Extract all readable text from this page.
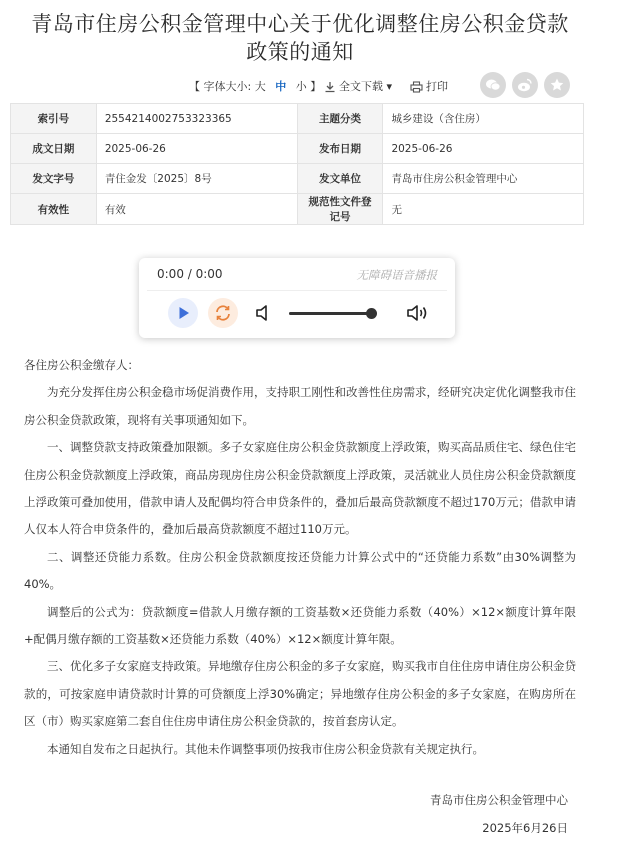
青岛市住房公积金管理中心关于优化调整住房公积金贷款
政策的通知
【 字体大小: 大 中 小 】	全文下载 ▾	打印
索引号	2554214002753323365	主题分类	城乡建设（含住房）
成文日期	2025-06-26	发布日期	2025-06-26
发文字号	青住金发〔2025〕8号	发文单位	青岛市住房公积金管理中心
有效性	有效	规范性文件登记号	无
0:00 / 0:00	无障碍语音播报

各住房公积金缴存人：

为充分发挥住房公积金稳市场促消费作用，支持职工刚性和改善性住房需求，经研究决定优化调整我市住房公积金贷款政策，现将有关事项通知如下。

一、调整贷款支持政策叠加限额。多子女家庭住房公积金贷款额度上浮政策，购买高品质住宅、绿色住宅住房公积金贷款额度上浮政策，商品房现房住房公积金贷款额度上浮政策，灵活就业人员住房公积金贷款额度上浮政策可叠加使用，借款申请人及配偶均符合申贷条件的，叠加后最高贷款额度不超过170万元；借款申请人仅本人符合申贷条件的，叠加后最高贷款额度不超过110万元。

二、调整还贷能力系数。住房公积金贷款额度按还贷能力计算公式中的“还贷能力系数”由30%调整为40%。

调整后的公式为：贷款额度=借款人月缴存额的工资基数×还贷能力系数（40%）×12×额度计算年限+配偶月缴存额的工资基数×还贷能力系数（40%）×12×额度计算年限。

三、优化多子女家庭支持政策。异地缴存住房公积金的多子女家庭，购买我市自住住房申请住房公积金贷款的，可按家庭申请贷款时计算的可贷额度上浮30%确定；异地缴存住房公积金的多子女家庭，在购房所在区（市）购买家庭第二套自住住房申请住房公积金贷款的，按首套房认定。

本通知自发布之日起执行。其他未作调整事项仍按我市住房公积金贷款有关规定执行。

青岛市住房公积金管理中心
2025年6月26日
